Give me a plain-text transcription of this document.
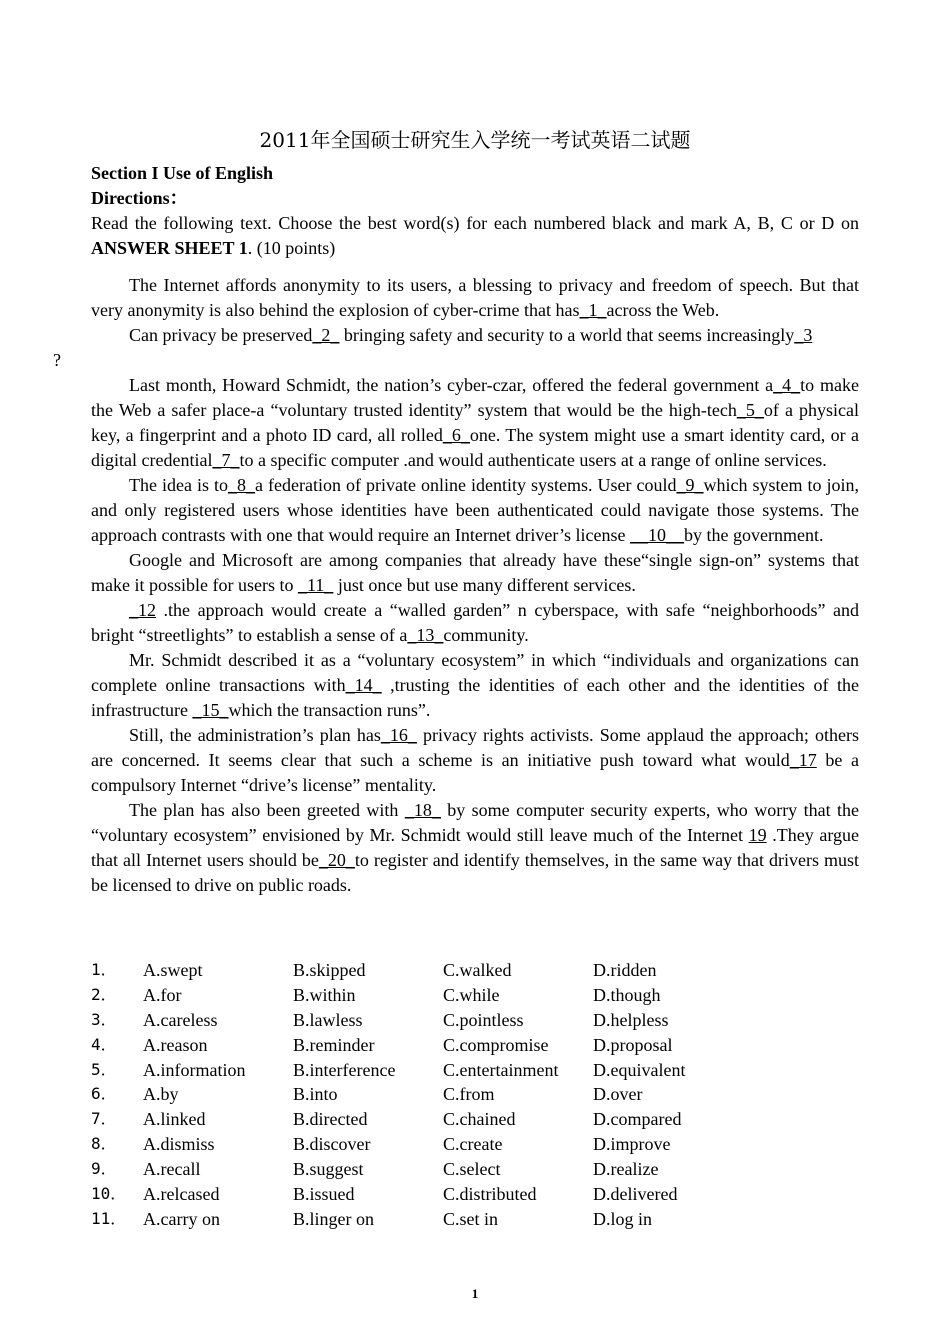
2011年全国硕士研究生入学统一考试英语二试题
Section I Use of English
Directions：

Read the following text. Choose the best word(s) for each numbered black and mark A, B, C or D on ANSWER SHEET 1. (10 points)

The Internet affords anonymity to its users, a blessing to privacy and freedom of speech. But that very anonymity is also behind the explosion of cyber-crime that has_1_across the Web.

Can privacy be preserved_2_ bringing safety and security to a world that seems increasingly_3
?

Last month, Howard Schmidt, the nation’s cyber-czar, offered the federal government a_4_to make the Web a safer place-a “voluntary trusted identity” system that would be the high-tech_5_of a physical key, a fingerprint and a photo ID card, all rolled_6_one. The system might use a smart identity card, or a digital credential_7_to a specific computer .and would authenticate users at a range of online services.

The idea is to_8_a federation of private online identity systems. User could_9_which system to join, and only registered users whose identities have been authenticated could navigate those systems. The approach contrasts with one that would require an Internet driver’s license __10__by the government.

Google and Microsoft are among companies that already have these“single sign-on” systems that make it possible for users to _11_ just once but use many different services.

_12 .the approach would create a “walled garden” n cyberspace, with safe “neighborhoods” and bright “streetlights” to establish a sense of a_13_community.

Mr. Schmidt described it as a “voluntary ecosystem” in which “individuals and organizations can complete online transactions with_14_ ,trusting the identities of each other and the identities of the infrastructure _15_which the transaction runs”.

Still, the administration’s plan has_16_ privacy rights activists. Some applaud the approach; others are concerned. It seems clear that such a scheme is an initiative push toward what would_17 be a compulsory Internet “drive’s license” mentality.

The plan has also been greeted with _18_ by some computer security experts, who worry that the “voluntary ecosystem” envisioned by Mr. Schmidt would still leave much of the Internet 19 .They argue that all Internet users should be_20_to register and identify themselves, in the same way that drivers must be licensed to drive on public roads.

1．	A.swept	B.skipped	C.walked	D.ridden
2．	A.for	B.within	C.while	D.though
3．	A.careless	B.lawless	C.pointless	D.helpless
4．	A.reason	B.reminder	C.compromise	D.proposal
5．	A.information	B.interference	C.entertainment	D.equivalent
6．	A.by	B.into	C.from	D.over
7．	A.linked	B.directed	C.chained	D.compared
8．	A.dismiss	B.discover	C.create	D.improve
9．	A.recall	B.suggest	C.select	D.realize
10． A.relcased	B.issued	C.distributed	D.delivered
11． A.carry on	B.linger on	C.set in	D.log in
1
